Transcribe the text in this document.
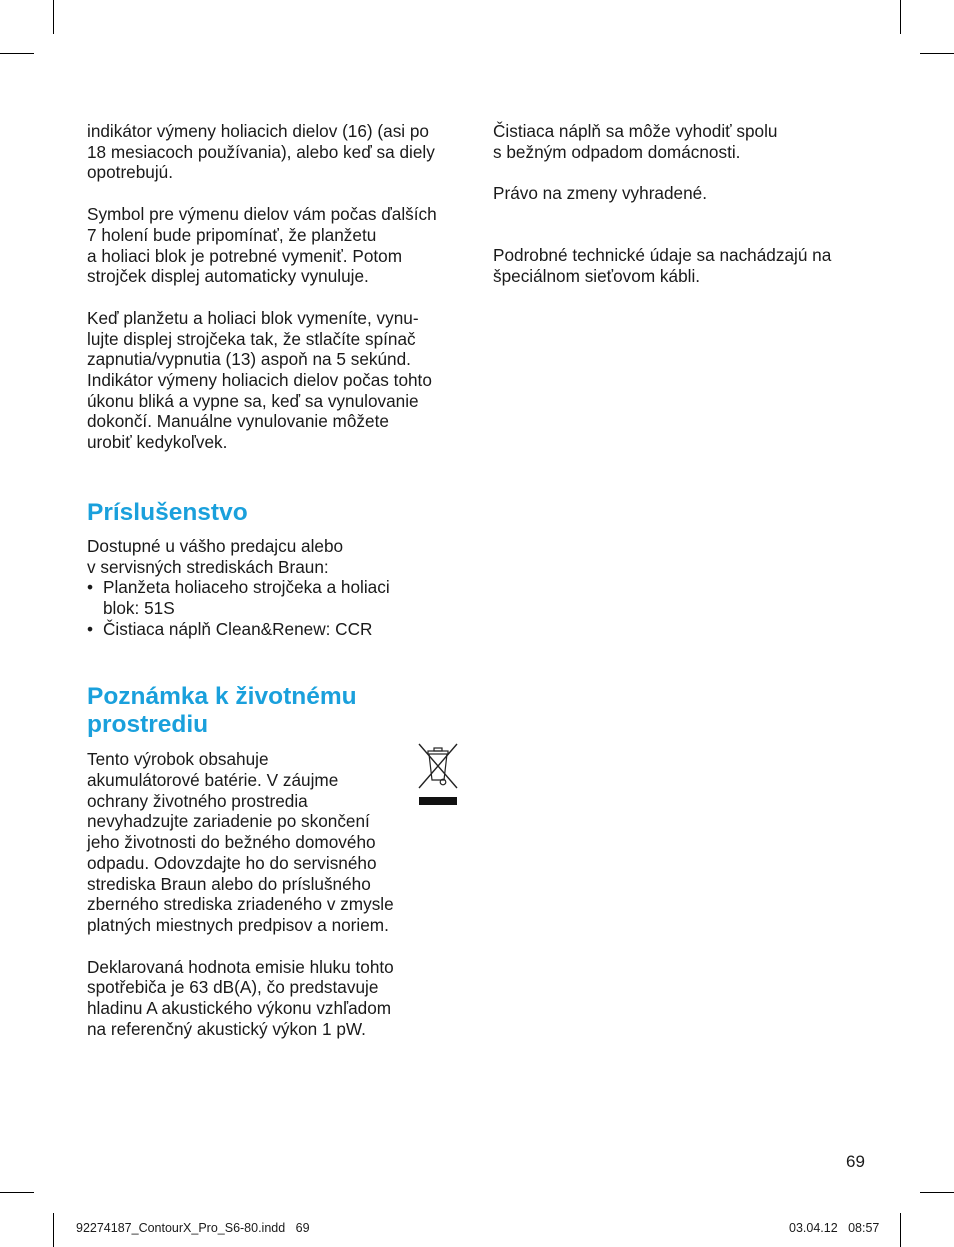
indikátor výmeny holiacich dielov (16) (asi po
18 mesiacoch používania), alebo keď sa diely
opotrebujú.

Symbol pre výmenu dielov vám počas ďalších
7 holení bude pripomínať, že planžetu
a holiaci blok je potrebné vymeniť. Potom
strojček displej automaticky vynuluje.

Keď planžetu a holiaci blok vymeníte, vynu-
lujte displej strojčeka tak, že stlačíte spínač
zapnutia/vypnutia (13) aspoň na 5 sekúnd.
Indikátor výmeny holiacich dielov počas tohto
úkonu bliká a vypne sa, keď sa vynulovanie
dokončí. Manuálne vynulovanie môžete
urobiť kedykoľvek.

Príslušenstvo

Dostupné u vášho predajcu alebo
v servisných strediskách Braun:

• Planžeta holiaceho strojčeka a holiaci
blok: 51S
• Čistiaca náplň Clean&Renew: CCR
Poznámka k životnému
prostrediu

Tento výrobok obsahuje
akumulátorové batérie. V záujme
ochrany životného prostredia
nevyhadzujte zariadenie po skončení
jeho životnosti do bežného domového
odpadu. Odovzdajte ho do servisného
strediska Braun alebo do príslušného
zberného strediska zriadeného v zmysle
platných miestnych predpisov a noriem.

Deklarovaná hodnota emisie hluku tohto
spotřebiča je 63 dB(A), čo predstavuje
hladinu A akustického výkonu vzhľadom
na referenčný akustický výkon 1 pW.

Čistiaca náplň sa môže vyhodiť spolu
s bežným odpadom domácnosti.

Právo na zmeny vyhradené.

Podrobné technické údaje sa nachádzajú na
špeciálnom sieťovom kábli.

69
92274187_ContourX_Pro_S6-80.indd   69	03.04.12   08:57
